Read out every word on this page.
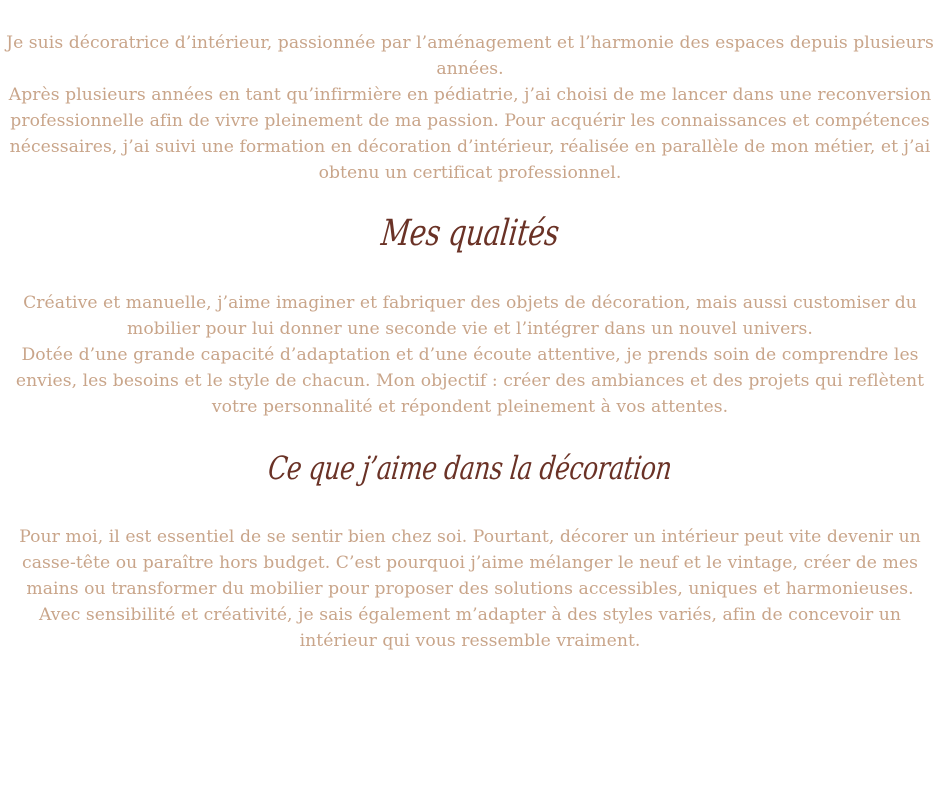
Je suis décoratrice d’intérieur, passionnée par l’aménagement et l’harmonie des espaces depuis plusieurs années.

Après plusieurs années en tant qu’infirmière en pédiatrie, j’ai choisi de me lancer dans une reconversion professionnelle afin de vivre pleinement de ma passion. Pour acquérir les connaissances et compétences nécessaires, j’ai suivi une formation en décoration d’intérieur, réalisée en parallèle de mon métier, et j’ai obtenu un certificat professionnel.

Mes qualités

Créative et manuelle, j’aime imaginer et fabriquer des objets de décoration, mais aussi customiser du mobilier pour lui donner une seconde vie et l’intégrer dans un nouvel univers.

Dotée d’une grande capacité d’adaptation et d’une écoute attentive, je prends soin de comprendre les envies, les besoins et le style de chacun. Mon objectif : créer des ambiances et des projets qui reflètent votre personnalité et répondent pleinement à vos attentes.

Ce que j’aime dans la décoration

Pour moi, il est essentiel de se sentir bien chez soi. Pourtant, décorer un intérieur peut vite devenir un casse-tête ou paraître hors budget. C’est pourquoi j’aime mélanger le neuf et le vintage, créer de mes mains ou transformer du mobilier pour proposer des solutions accessibles, uniques et harmonieuses.

Avec sensibilité et créativité, je sais également m’adapter à des styles variés, afin de concevoir un intérieur qui vous ressemble vraiment.
